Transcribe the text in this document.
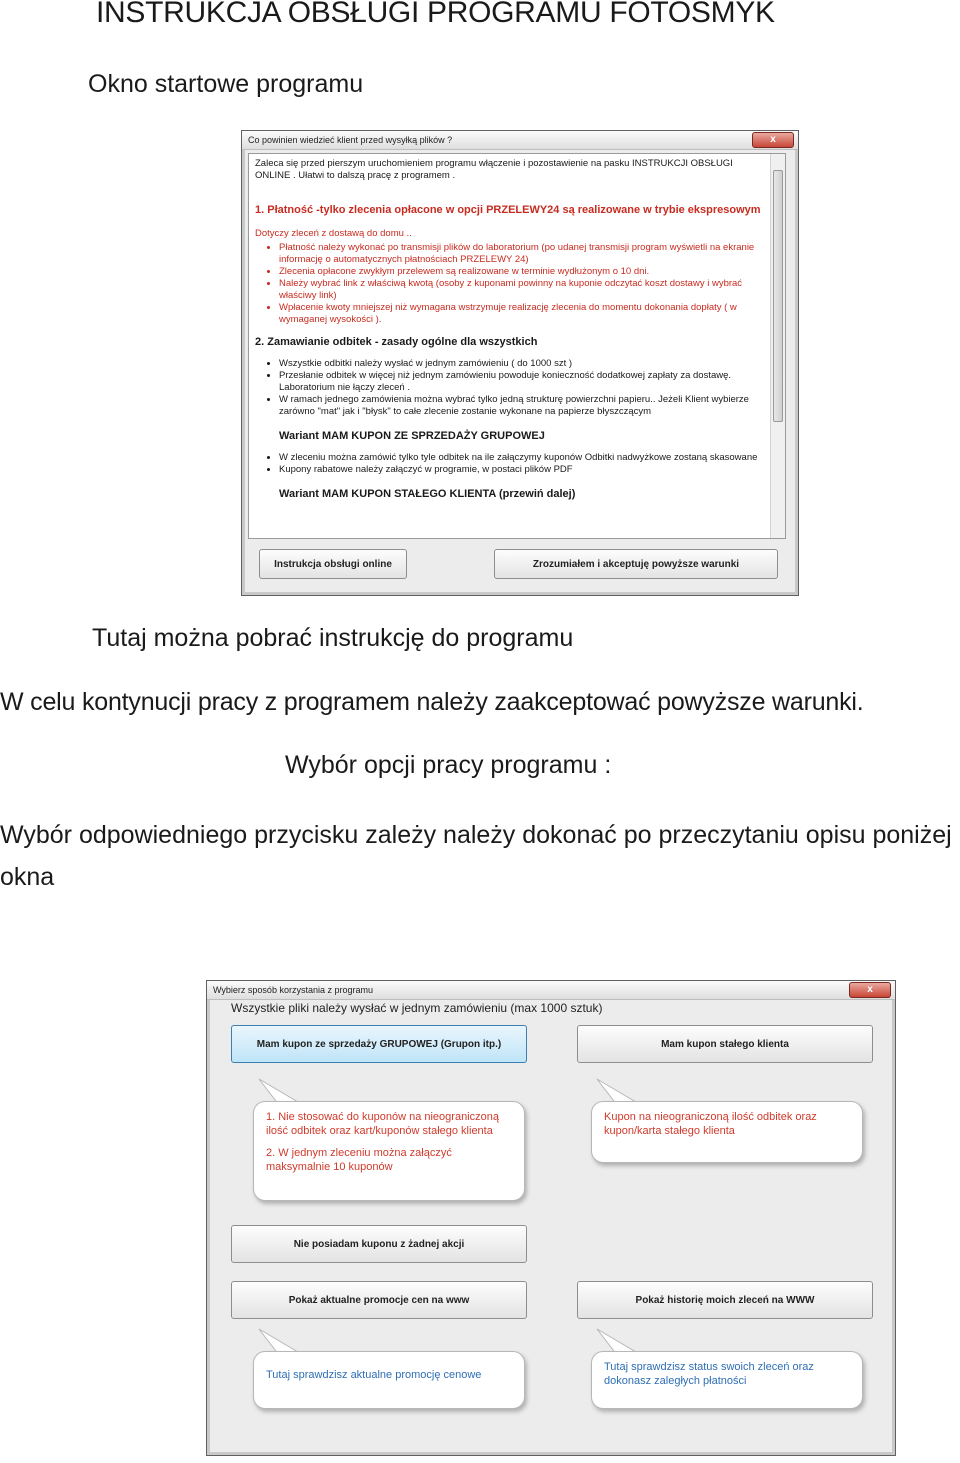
INSTRUKCJA OBSŁUGI PROGRAMU FOTOSMYK

Okno startowe programu

Co powinien wiedzieć klient przed wysyłką plików ?	x

Zaleca się przed pierszym uruchomieniem programu włączenie i pozostawienie na pasku INSTRUKCJI OBSŁUGI ONLINE . Ułatwi to dalszą pracę z programem .

1. Płatność -tylko zlecenia opłacone w opcji PRZELEWY24 są realizowane w trybie ekspresowym

Dotyczy zleceń z dostawą do domu ..

• Płatność należy wykonać po transmisji plików do laboratorium (po udanej transmisji program wyświetli na ekranie informację o automatycznych płatnościach PRZELEWY 24)
• Zlecenia opłacone zwykłym przelewem są realizowane w terminie wydłużonym o 10 dni.
• Należy wybrać link z właściwą kwotą (osoby z kuponami powinny na kuponie odczytać koszt dostawy i wybrać właściwy link)
• Wpłacenie kwoty mniejszej niż wymagana wstrzymuje realizację zlecenia do momentu dokonania dopłaty ( w wymaganej wysokości ).

2. Zamawianie odbitek - zasady ogólne dla wszystkich

• Wszystkie odbitki należy wysłać w jednym zamówieniu ( do 1000 szt )
• Przesłanie odbitek w więcej niż jednym zamówieniu powoduje konieczność dodatkowej zapłaty za dostawę. Laboratorium nie łączy zleceń .
• W ramach jednego zamówienia można wybrać tylko jedną strukturę powierzchni papieru.. Jeżeli Klient wybierze zarówno "mat" jak i "błysk" to całe zlecenie zostanie wykonane na papierze błyszczącym

Wariant MAM KUPON ZE SPRZEDAŻY GRUPOWEJ

• W zleceniu można zamówić tylko tyle odbitek na ile załączymy kuponów Odbitki nadwyżkowe zostaną skasowane
• Kupony rabatowe należy załączyć w programie, w postaci plików PDF

Wariant MAM KUPON STAŁEGO KLIENTA (przewiń dalej)

Instrukcja obsługi online	Zrozumiałem i akceptuję powyższe warunki

Tutaj można pobrać instrukcję do programu

W celu kontynucji pracy z programem należy zaakceptować powyższe warunki.

Wybór opcji pracy programu :

Wybór odpowiedniego przycisku zależy należy dokonać po przeczytaniu opisu poniżej okna

Wybierz sposób korzystania z programu	x
Wszystkie pliki należy wysłać w jednym zamówieniu (max 1000 sztuk)
Mam kupon ze sprzedaży GRUPOWEJ (Grupon itp.)	Mam kupon stałego klienta

1. Nie stosować do kuponów na nieograniczoną ilość odbitek oraz kart/kuponów stałego klienta

2. W jednym zleceniu można załączyć maksymalnie 10 kuponów

Kupon na nieograniczoną ilość odbitek oraz kupon/karta stałego klienta

Nie posiadam kuponu z żadnej akcji
Pokaż aktualne promocje cen na www	Pokaż historię moich zleceń na WWW

Tutaj sprawdzisz aktualne promocję cenowe

Tutaj sprawdzisz status swoich zleceń oraz dokonasz zaległych płatności
